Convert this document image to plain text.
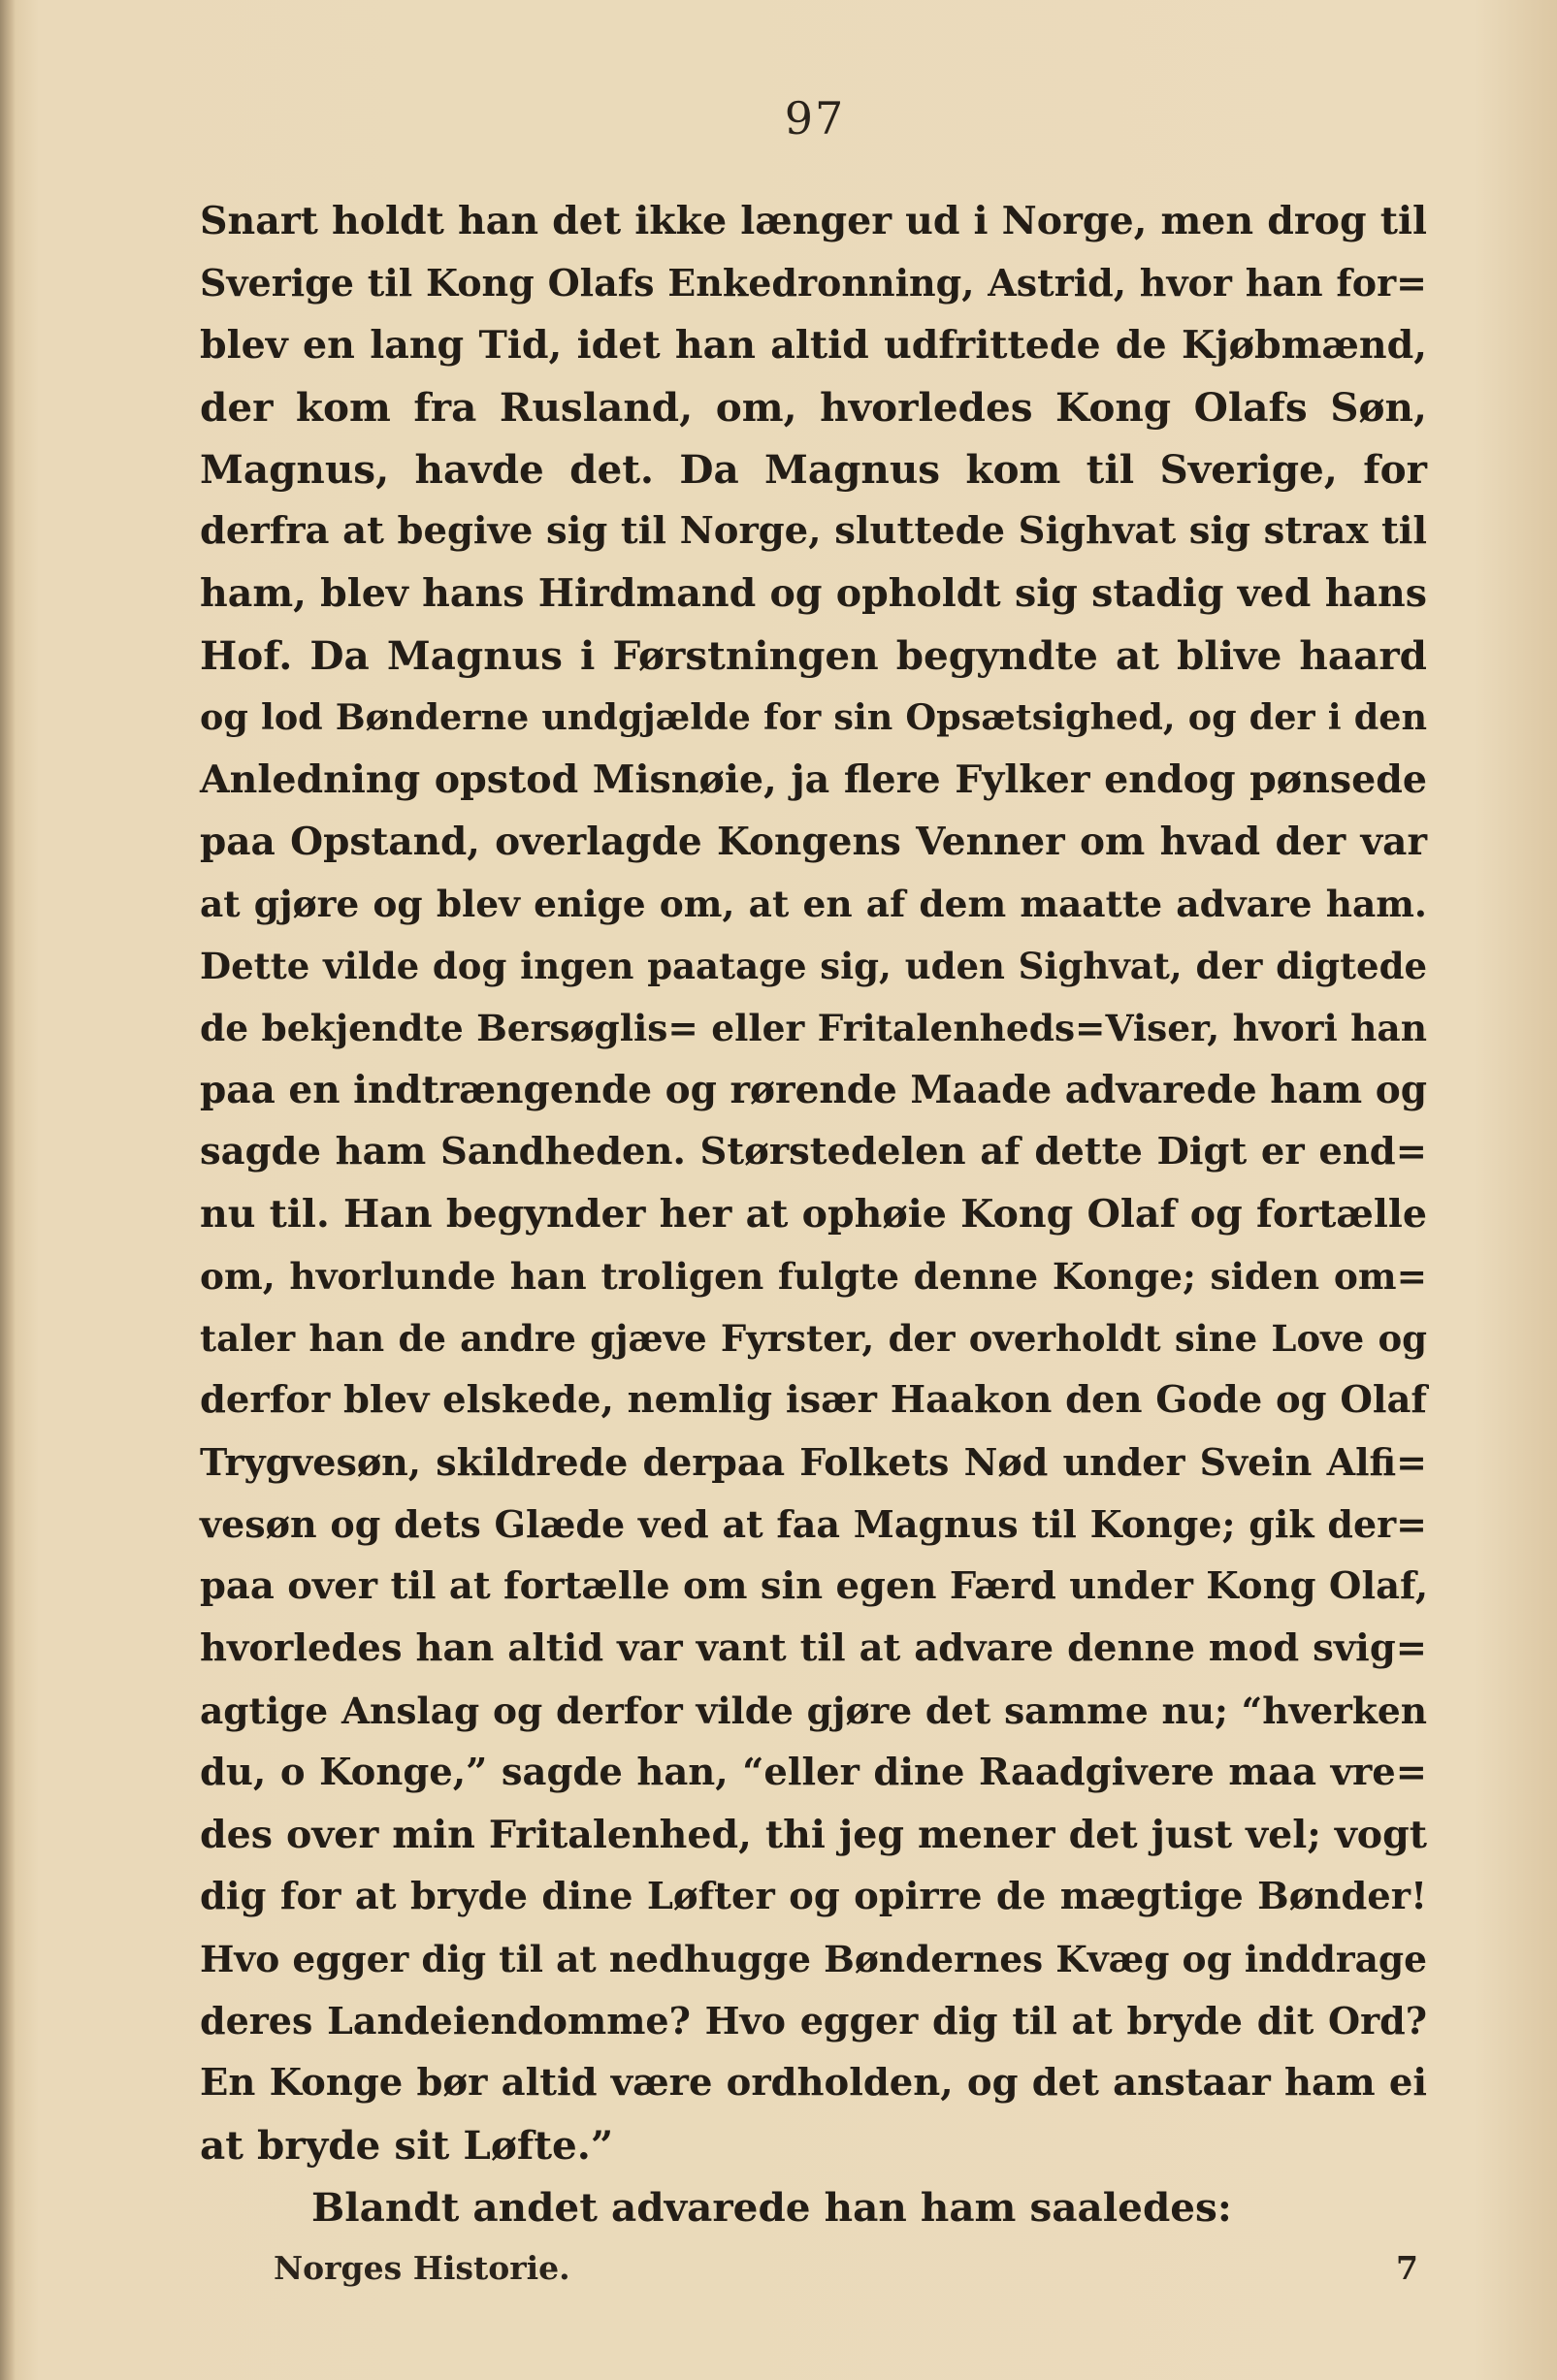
97
Snart holdt han det ikke længer ud i Norge, men drog til
Sverige til Kong Olafs Enkedronning, Astrid, hvor han for=
blev en lang Tid, idet han altid udfrittede de Kjøbmænd,
der kom fra Rusland, om, hvorledes Kong Olafs Søn,
Magnus, havde det. Da Magnus kom til Sverige, for
derfra at begive sig til Norge, sluttede Sighvat sig strax til
ham, blev hans Hirdmand og opholdt sig stadig ved hans
Hof. Da Magnus i Førstningen begyndte at blive haard
og lod Bønderne undgjælde for sin Opsætsighed, og der i den
Anledning opstod Misnøie, ja flere Fylker endog pønsede
paa Opstand, overlagde Kongens Venner om hvad der var
at gjøre og blev enige om, at en af dem maatte advare ham.
Dette vilde dog ingen paatage sig, uden Sighvat, der digtede
de bekjendte Bersøglis= eller Fritalenheds=Viser, hvori han
paa en indtrængende og rørende Maade advarede ham og
sagde ham Sandheden. Størstedelen af dette Digt er end=
nu til. Han begynder her at ophøie Kong Olaf og fortælle
om, hvorlunde han troligen fulgte denne Konge; siden om=
taler han de andre gjæve Fyrster, der overholdt sine Love og
derfor blev elskede, nemlig især Haakon den Gode og Olaf
Trygvesøn, skildrede derpaa Folkets Nød under Svein Alfi=
vesøn og dets Glæde ved at faa Magnus til Konge; gik der=
paa over til at fortælle om sin egen Færd under Kong Olaf,
hvorledes han altid var vant til at advare denne mod svig=
agtige Anslag og derfor vilde gjøre det samme nu; “hverken
du, o Konge,” sagde han, “eller dine Raadgivere maa vre=
des over min Fritalenhed, thi jeg mener det just vel; vogt
dig for at bryde dine Løfter og opirre de mægtige Bønder!
Hvo egger dig til at nedhugge Bøndernes Kvæg og inddrage
deres Landeiendomme? Hvo egger dig til at bryde dit Ord?
En Konge bør altid være ordholden, og det anstaar ham ei
at bryde sit Løfte.”
Blandt andet advarede han ham saaledes:
Norges Historie.	7
